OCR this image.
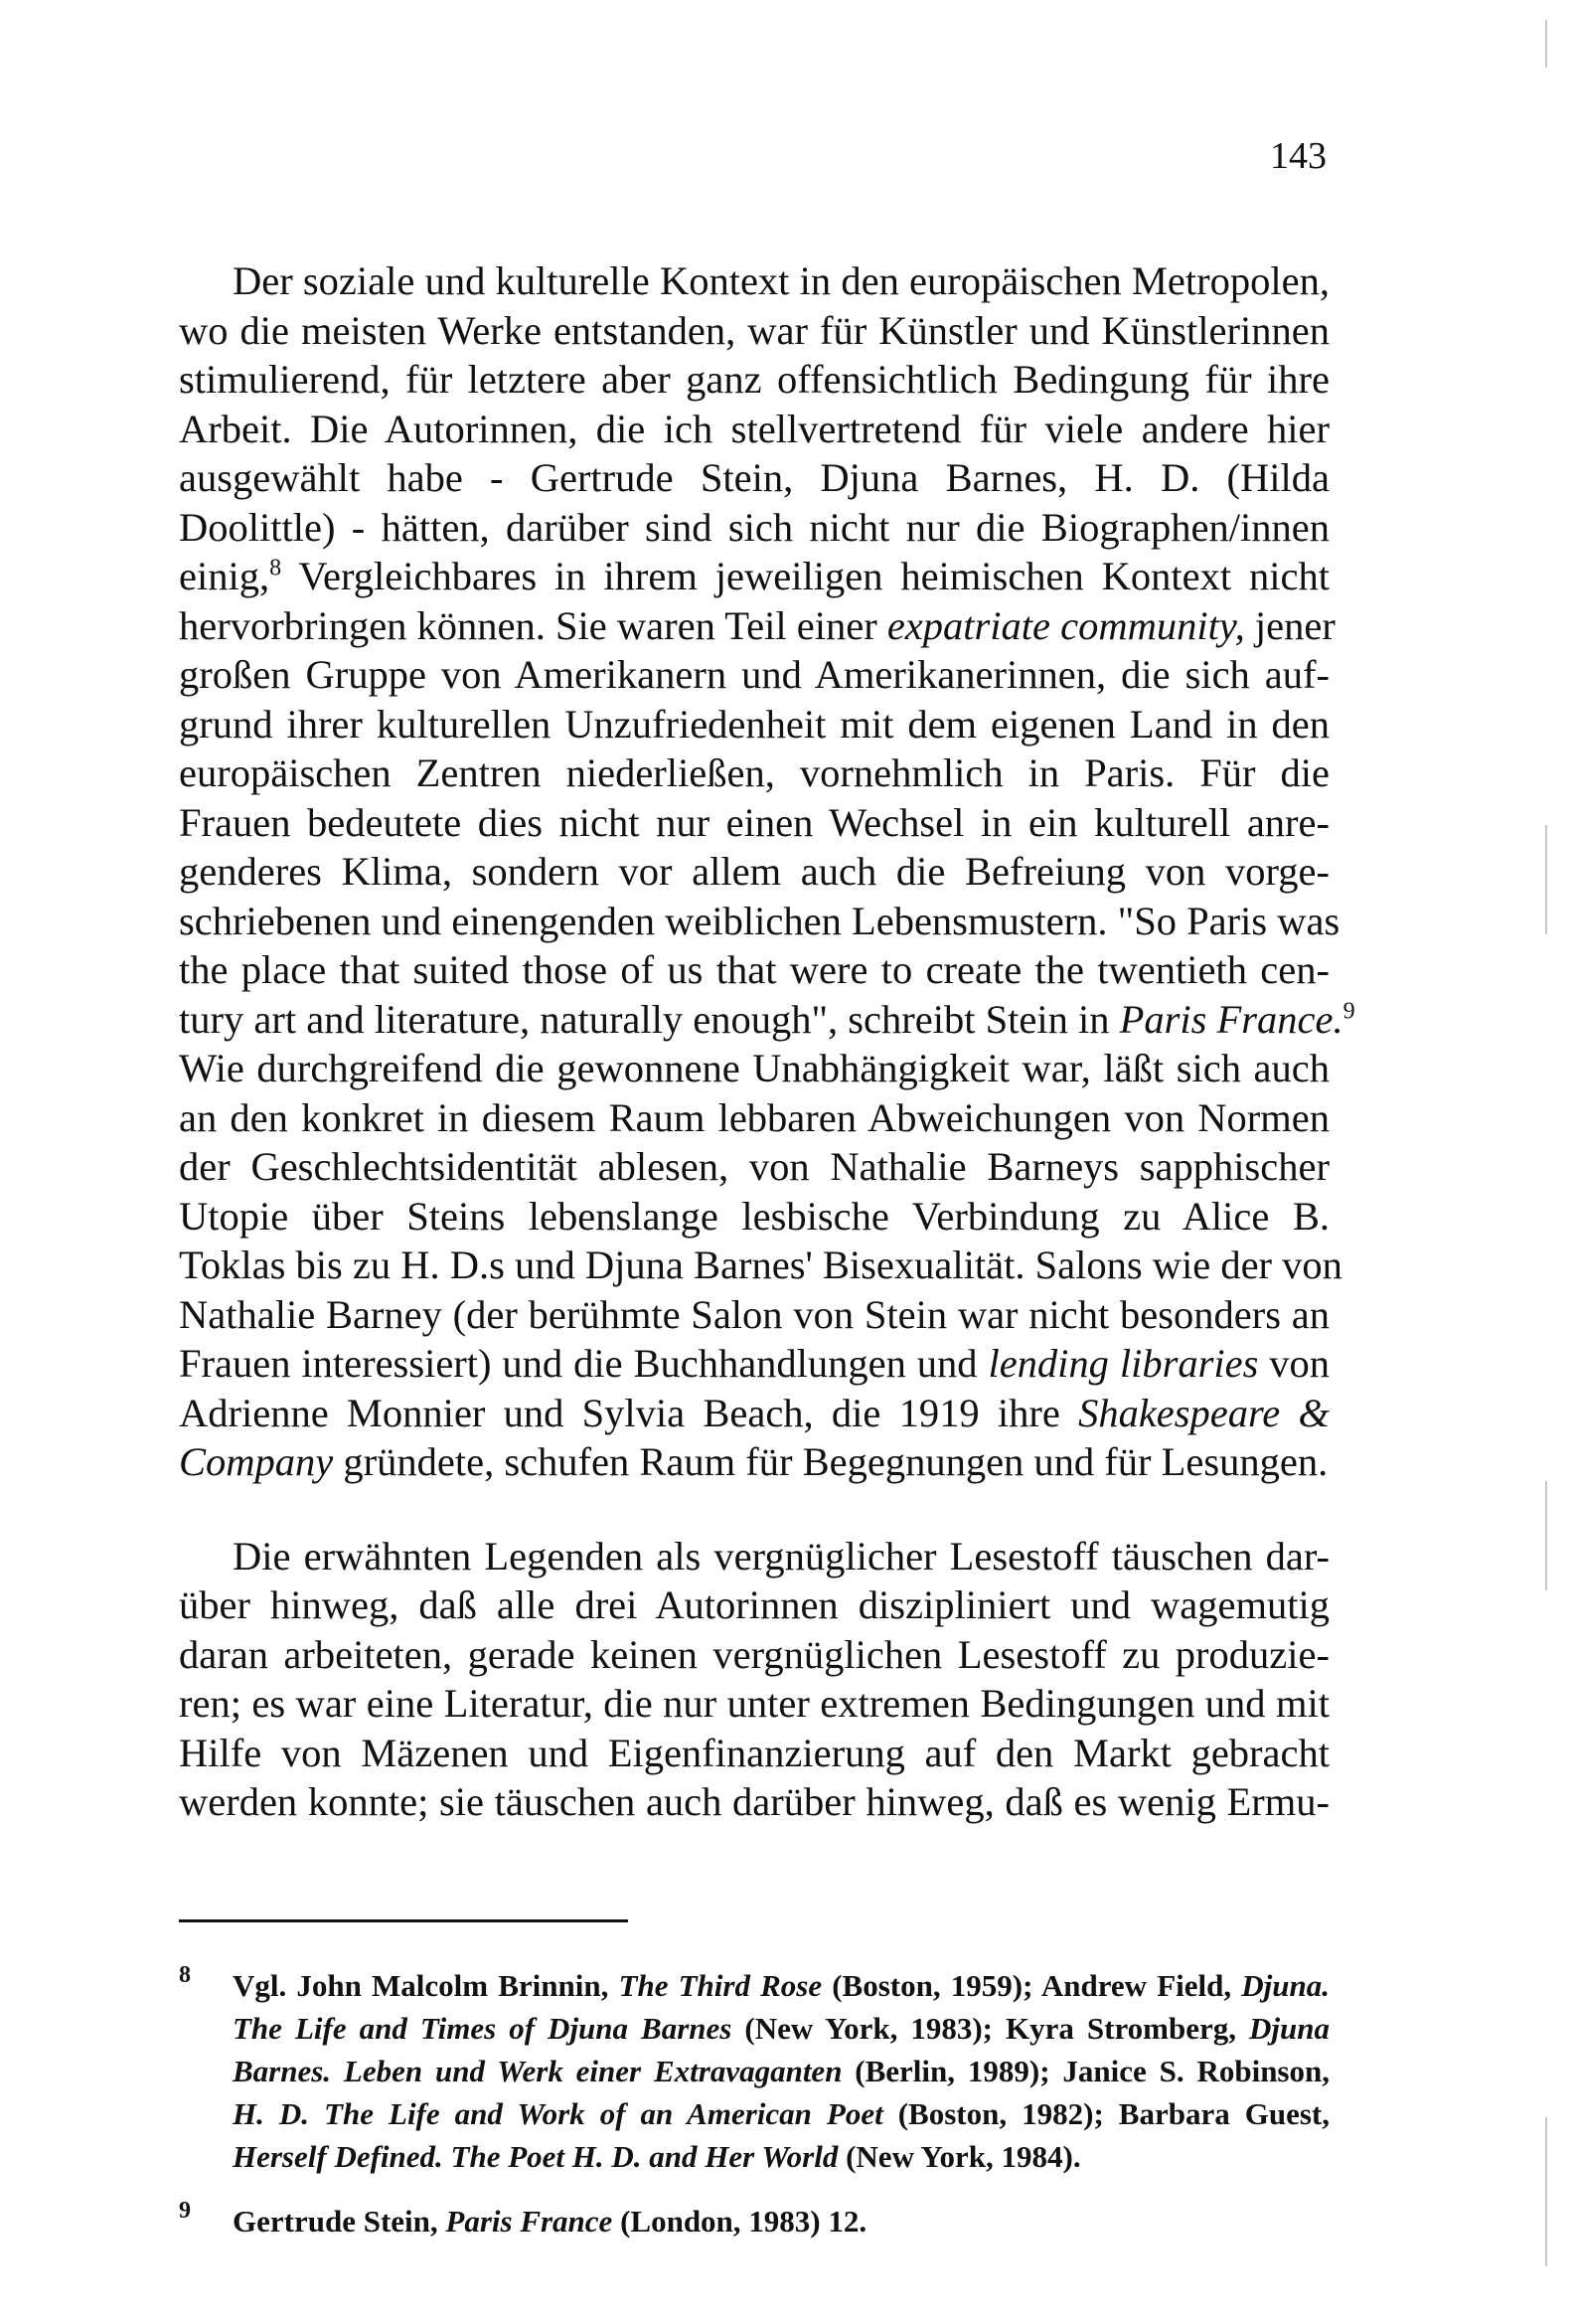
143
Der soziale und kulturelle Kontext in den europäischen Metropolen,
wo die meisten Werke entstanden, war für Künstler und Künstlerinnen
stimulierend, für letztere aber ganz offensichtlich Bedingung für ihre
Arbeit. Die Autorinnen, die ich stellvertretend für viele andere hier
ausgewählt habe - Gertrude Stein, Djuna Barnes, H. D. (Hilda
Doolittle) - hätten, darüber sind sich nicht nur die Biographen/innen
einig,$^8$ Vergleichbares in ihrem jeweiligen heimischen Kontext nicht
hervorbringen können. Sie waren Teil einer expatriate community, jener
großen Gruppe von Amerikanern und Amerikanerinnen, die sich auf-
grund ihrer kulturellen Unzufriedenheit mit dem eigenen Land in den
europäischen Zentren niederließen, vornehmlich in Paris. Für die
Frauen bedeutete dies nicht nur einen Wechsel in ein kulturell anre-
genderes Klima, sondern vor allem auch die Befreiung von vorge-
schriebenen und einengenden weiblichen Lebensmustern. "So Paris was
the place that suited those of us that were to create the twentieth cen-
tury art and literature, naturally enough", schreibt Stein in Paris France.$^9$
Wie durchgreifend die gewonnene Unabhängigkeit war, läßt sich auch
an den konkret in diesem Raum lebbaren Abweichungen von Normen
der Geschlechtsidentität ablesen, von Nathalie Barneys sapphischer
Utopie über Steins lebenslange lesbische Verbindung zu Alice B.
Toklas bis zu H. D.s und Djuna Barnes' Bisexualität. Salons wie der von
Nathalie Barney (der berühmte Salon von Stein war nicht besonders an
Frauen interessiert) und die Buchhandlungen und lending libraries von
Adrienne Monnier und Sylvia Beach, die 1919 ihre Shakespeare &
Company gründete, schufen Raum für Begegnungen und für Lesungen.
Die erwähnten Legenden als vergnüglicher Lesestoff täuschen dar-
über hinweg, daß alle drei Autorinnen diszipliniert und wagemutig
daran arbeiteten, gerade keinen vergnüglichen Lesestoff zu produzie-
ren; es war eine Literatur, die nur unter extremen Bedingungen und mit
Hilfe von Mäzenen und Eigenfinanzierung auf den Markt gebracht
werden konnte; sie täuschen auch darüber hinweg, daß es wenig Ermu-
8 Vgl. John Malcolm Brinnin, The Third Rose (Boston, 1959); Andrew Field, Djuna.
The Life and Times of Djuna Barnes (New York, 1983); Kyra Stromberg, Djuna
Barnes. Leben und Werk einer Extravaganten (Berlin, 1989); Janice S. Robinson,
H. D. The Life and Work of an American Poet (Boston, 1982); Barbara Guest,
Herself Defined. The Poet H. D. and Her World (New York, 1984).
9 Gertrude Stein, Paris France (London, 1983) 12.
